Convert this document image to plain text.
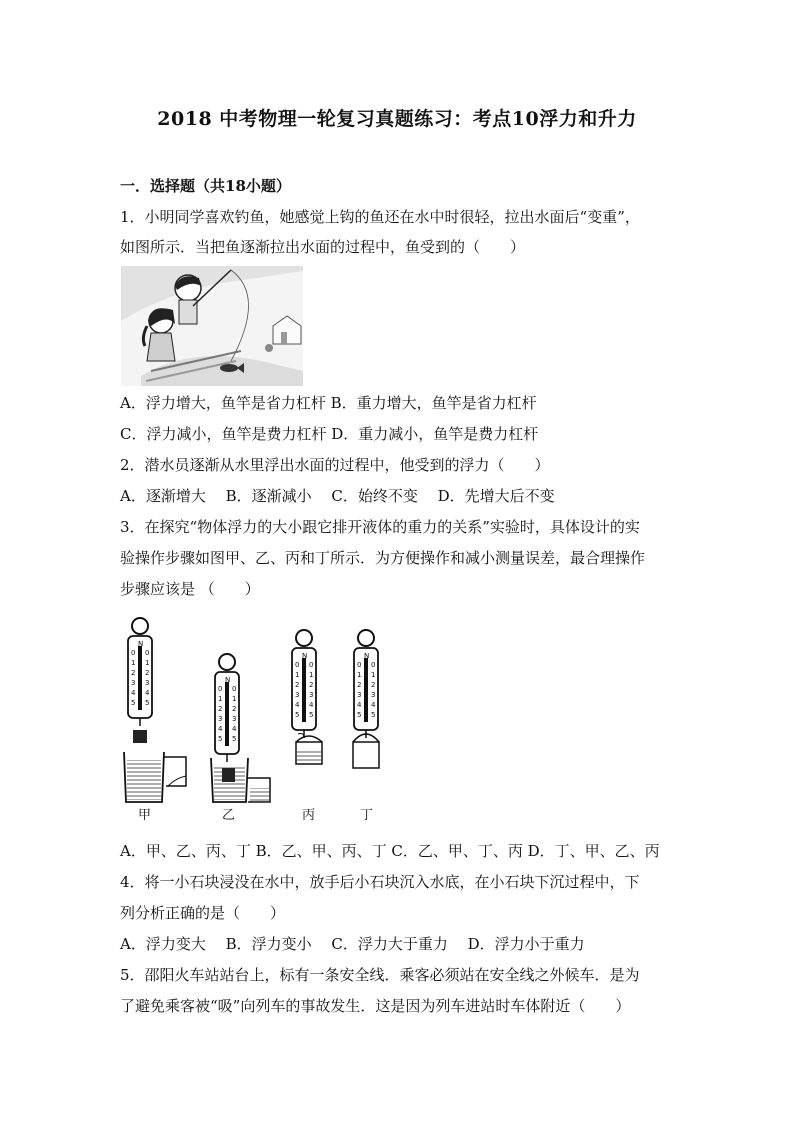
2018 中考物理一轮复习真题练习：考点10浮力和升力
一．选择题（共18小题）
1．小明同学喜欢钓鱼，她感觉上钩的鱼还在水中时很轻，拉出水面后“变重”，
如图所示．当把鱼逐渐拉出水面的过程中，鱼受到的（　　）
A．浮力增大，鱼竿是省力杠杆 B．重力增大，鱼竿是省力杠杆
C．浮力减小，鱼竿是费力杠杆 D．重力减小，鱼竿是费力杠杆
2．潜水员逐渐从水里浮出水面的过程中，他受到的浮力（　　）
A．逐渐增大　 B．逐渐减小　 C．始终不变　 D．先增大后不变
3．在探究“物体浮力的大小跟它排开液体的重力的关系”实验时，具体设计的实
验操作步骤如图甲、乙、丙和丁所示．为方便操作和减小测量误差，最合理操作
步骤应该是 （　　）
0
1
2
3
4
5
甲	乙	丙	丁
A．甲、乙、丙、丁 B．乙、甲、丙、丁 C．乙、甲、丁、丙 D．丁、甲、乙、丙
4．将一小石块浸没在水中，放手后小石块沉入水底，在小石块下沉过程中，下
列分析正确的是（　　）
A．浮力变大　 B．浮力变小　 C．浮力大于重力　 D．浮力小于重力
5．邵阳火车站站台上，标有一条安全线．乘客必须站在安全线之外候车．是为
了避免乘客被“吸”向列车的事故发生．这是因为列车进站时车体附近（　　）
